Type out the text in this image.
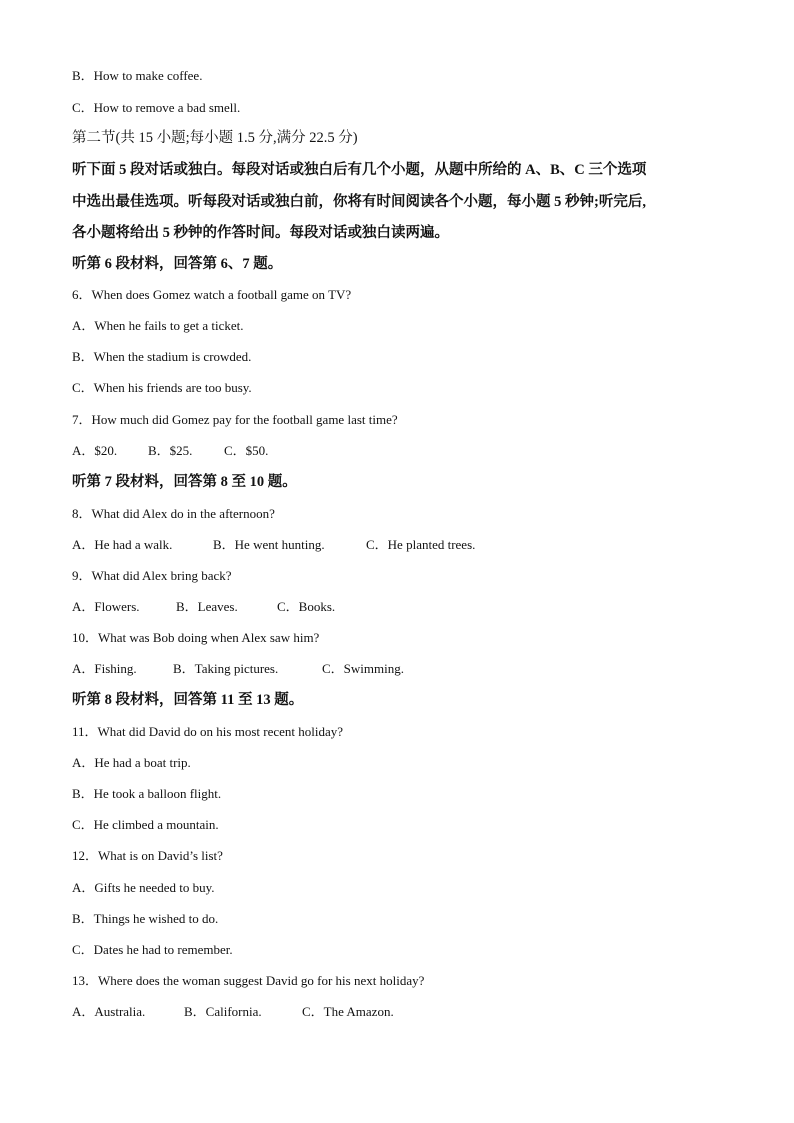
B．How to make coffee.
C．How to remove a bad smell.
第二节(共 15 小题;每小题 1.5 分,满分 22.5 分)
听下面 5 段对话或独白。每段对话或独白后有几个小题，从题中所给的 A、B、C 三个选项
中选出最佳选项。听每段对话或独白前，你将有时间阅读各个小题，每小题 5 秒钟;听完后,
各小题将给出 5 秒钟的作答时间。每段对话或独白读两遍。
听第 6 段材料，回答第 6、7 题。
6．When does Gomez watch a football game on TV?
A．When he fails to get a ticket.
B．When the stadium is crowded.
C．When his friends are too busy.
7．How much did Gomez pay for the football game last time?
A．$20. B．$25. C．$50.
听第 7 段材料，回答第 8 至 10 题。
8．What did Alex do in the afternoon?
A．He had a walk.	B．He went hunting.	C．He planted trees.
9．What did Alex bring back?
A．Flowers.	B．Leaves.	C．Books.
10．What was Bob doing when Alex saw him?
A．Fishing.	B．Taking pictures.	C．Swimming.
听第 8 段材料，回答第 11 至 13 题。
11．What did David do on his most recent holiday?
A．He had a boat trip.
B．He took a balloon flight.
C．He climbed a mountain.
12．What is on David’s list?
A．Gifts he needed to buy.
B．Things he wished to do.
C．Dates he had to remember.
13．Where does the woman suggest David go for his next holiday?
A．Australia.	B．California.	C．The Amazon.
